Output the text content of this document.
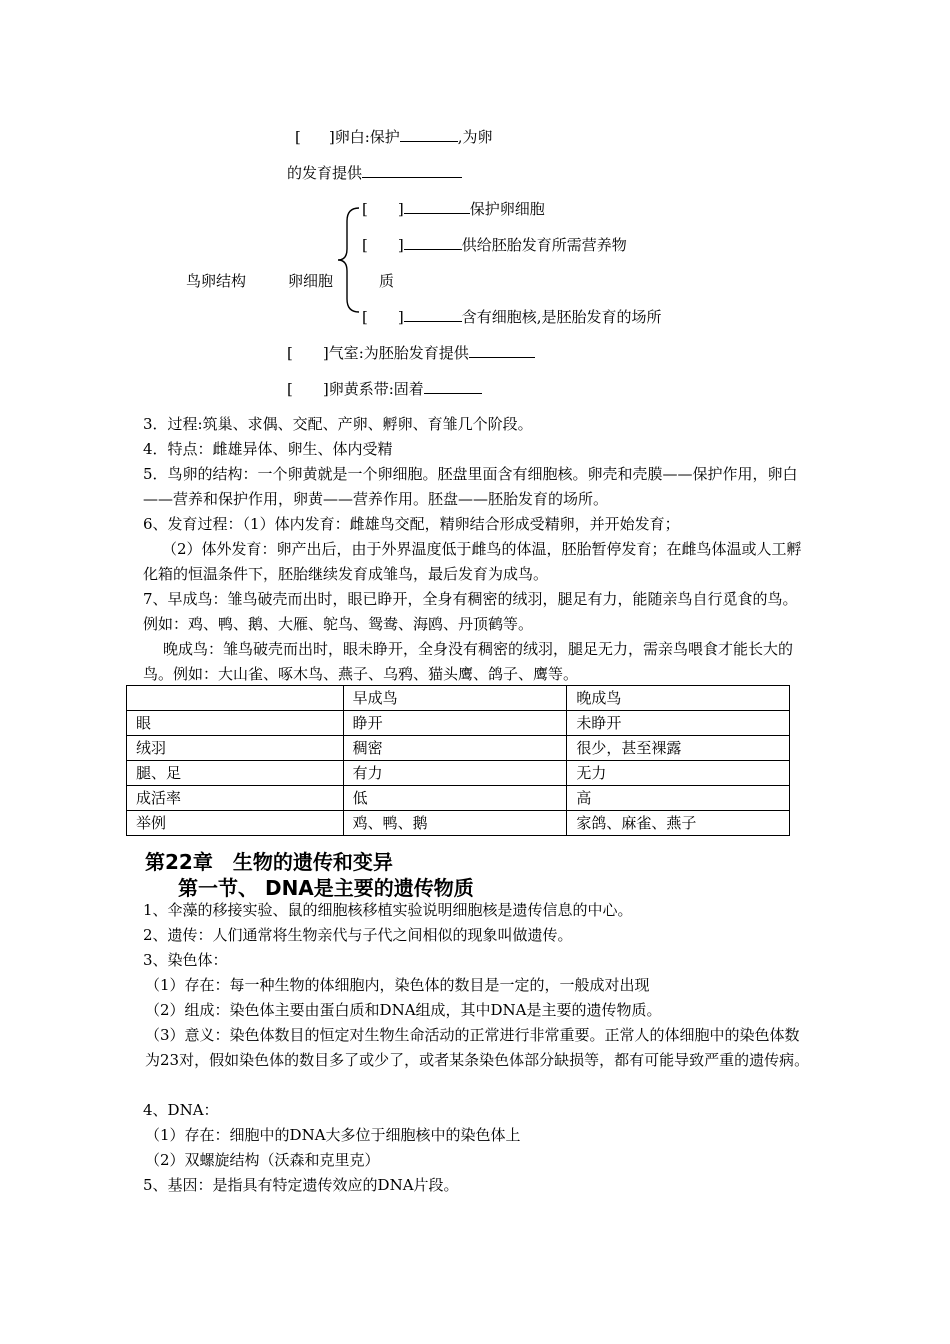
[ ]卵白:保护	,为卵
的发育提供
鸟卵结构	卵细胞
[ ]	保护卵细胞
[ ]	供给胚胎发育所需营养物
质
[ ]	含有细胞核,是胚胎发育的场所
[ ]气室:为胚胎发育提供
[ ]卵黄系带:固着
3．过程:筑巢、求偶、交配、产卵、孵卵、育雏几个阶段。
4．特点：雌雄异体、卵生、体内受精
5．鸟卵的结构：一个卵黄就是一个卵细胞。胚盘里面含有细胞核。卵壳和壳膜——保护作用，卵白——营养和保护作用，卵黄——营养作用。胚盘——胚胎发育的场所。
6、发育过程：（1）体内发育：雌雄鸟交配，精卵结合形成受精卵，并开始发育；
（2）体外发育：卵产出后，由于外界温度低于雌鸟的体温，胚胎暂停发育；在雌鸟体温或人工孵化箱的恒温条件下，胚胎继续发育成雏鸟，最后发育为成鸟。
7、早成鸟：雏鸟破壳而出时，眼已睁开，全身有稠密的绒羽，腿足有力，能随亲鸟自行觅食的鸟。例如：鸡、鸭、鹅、大雁、鸵鸟、鸳鸯、海鸥、丹顶鹤等。
晚成鸟：雏鸟破壳而出时，眼未睁开，全身没有稠密的绒羽，腿足无力，需亲鸟喂食才能长大的鸟。例如：大山雀、啄木鸟、燕子、乌鸦、猫头鹰、鸽子、鹰等。
	早成鸟	晚成鸟
眼	睁开	未睁开
绒羽	稠密	很少，甚至裸露
腿、足	有力	无力
成活率	低	高
举例	鸡、鸭、鹅	家鸽、麻雀、燕子
第22章　生物的遗传和变异
第一节、 DNA是主要的遗传物质
1、伞藻的移接实验、鼠的细胞核移植实验说明细胞核是遗传信息的中心。
2、遗传：人们通常将生物亲代与子代之间相似的现象叫做遗传。
3、染色体：
（1）存在：每一种生物的体细胞内，染色体的数目是一定的，一般成对出现
（2）组成：染色体主要由蛋白质和DNA组成，其中DNA是主要的遗传物质。
（3）意义：染色体数目的恒定对生物生命活动的正常进行非常重要。正常人的体细胞中的染色体数为23对，假如染色体的数目多了或少了，或者某条染色体部分缺损等，都有可能导致严重的遗传病。
4、DNA：
（1）存在：细胞中的DNA大多位于细胞核中的染色体上
（2）双螺旋结构（沃森和克里克）
5、基因：是指具有特定遗传效应的DNA片段。
